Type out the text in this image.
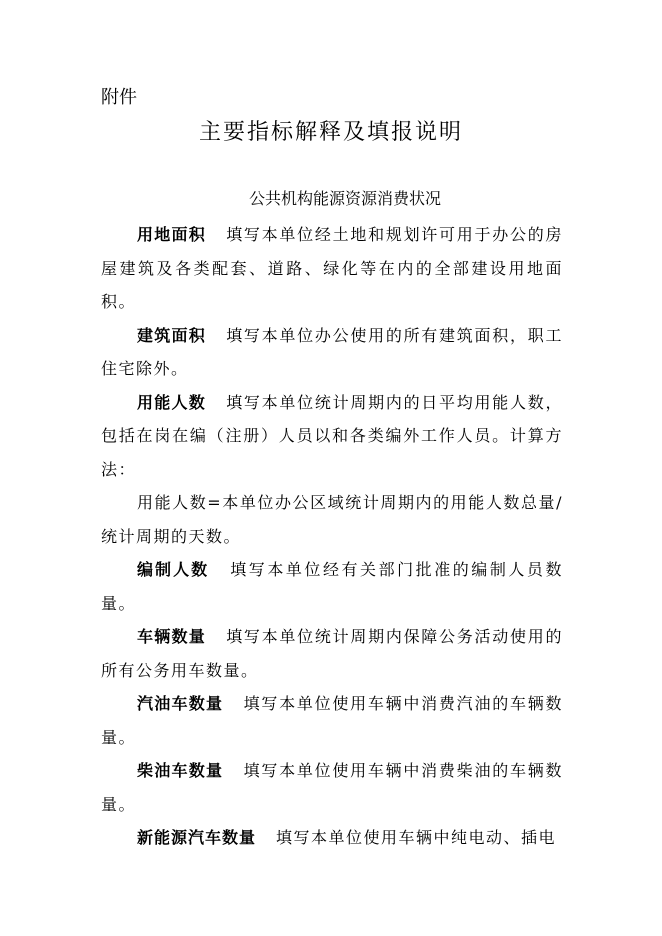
附件
主要指标解释及填报说明
公共机构能源资源消费状况

用地面积 填写本单位经土地和规划许可用于办公的房屋建筑及各类配套、道路、绿化等在内的全部建设用地面积。

建筑面积 填写本单位办公使用的所有建筑面积，职工住宅除外。

用能人数 填写本单位统计周期内的日平均用能人数，包括在岗在编（注册）人员以和各类编外工作人员。计算方法：

用能人数=本单位办公区域统计周期内的用能人数总量/统计周期的天数。

编制人数 填写本单位经有关部门批准的编制人员数量。

车辆数量 填写本单位统计周期内保障公务活动使用的所有公务用车数量。

汽油车数量 填写本单位使用车辆中消费汽油的车辆数量。

柴油车数量 填写本单位使用车辆中消费柴油的车辆数量。

新能源汽车数量 填写本单位使用车辆中纯电动、插电
